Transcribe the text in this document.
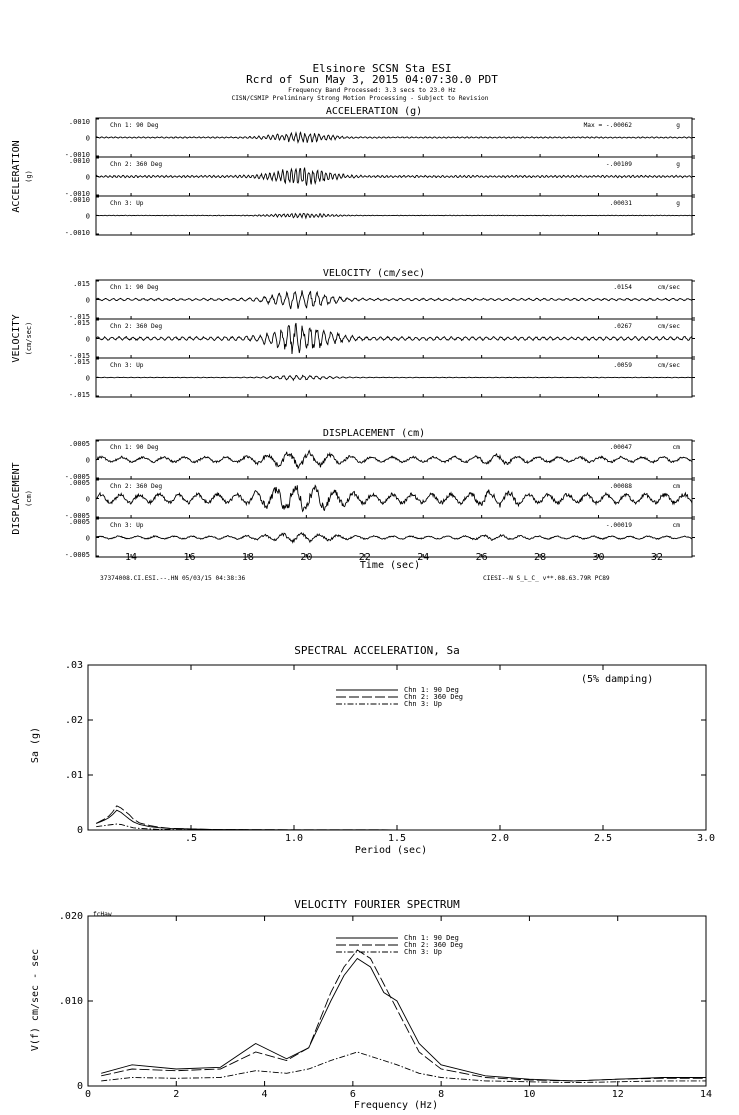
Elsinore SCSN Sta ESI
Rcrd of Sun May 3, 2015 04:07:30.0 PDT
Frequency Band Processed: 3.3 secs to 23.0 Hz
CISN/CSMIP Preliminary Strong Motion Processing - Subject to Revision
ACCELERATION (g)
ACCELERATION (g)
Chn 1: 90 Deg	Max = -.00062	g
.0010
0
-.0010
Chn 2: 360 Deg	-.00109	g
.0010
0
-.0010
Chn 3: Up	.00031	g
.0010
0
-.0010
VELOCITY (cm/sec)
VELOCITY (cm/sec)
Chn 1: 90 Deg	.0154	cm/sec
.015
0
-.015
Chn 2: 360 Deg	.0267	cm/sec
.015
0
-.015
Chn 3: Up	.0059	cm/sec
.015
0
-.015
DISPLACEMENT (cm)
DISPLACEMENT (cm)
Chn 1: 90 Deg	.00047	cm
.0005
0
-.0005
Chn 2: 360 Deg	.00088	cm
.0005
0
-.0005
Chn 3: Up	-.00019	cm
.0005
0
-.0005	14	16	18	20	22	24	26	28	30	32
Time (sec)
37374008.CI.ESI.--.HN 05/03/15 04:38:36	CIESI--N S_L_C_ v**.08.63.79R PC89
SPECTRAL ACCELERATION, Sa
(5% damping)
Period (sec)
Sa (g)
.5	1.0	1.5	2.0	2.5	3.0
.03
.02
.01
0
Chn 1: 90 Deg
Chn 2: 360 Deg
Chn 3: Up
VELOCITY FOURIER SPECTRUM
fcHaw
Frequency (Hz)
V(f) cm/sec - sec
0	2	4	6	8	10	12	14
.020
.010
0
Chn 1: 90 Deg
Chn 2: 360 Deg
Chn 3: Up
